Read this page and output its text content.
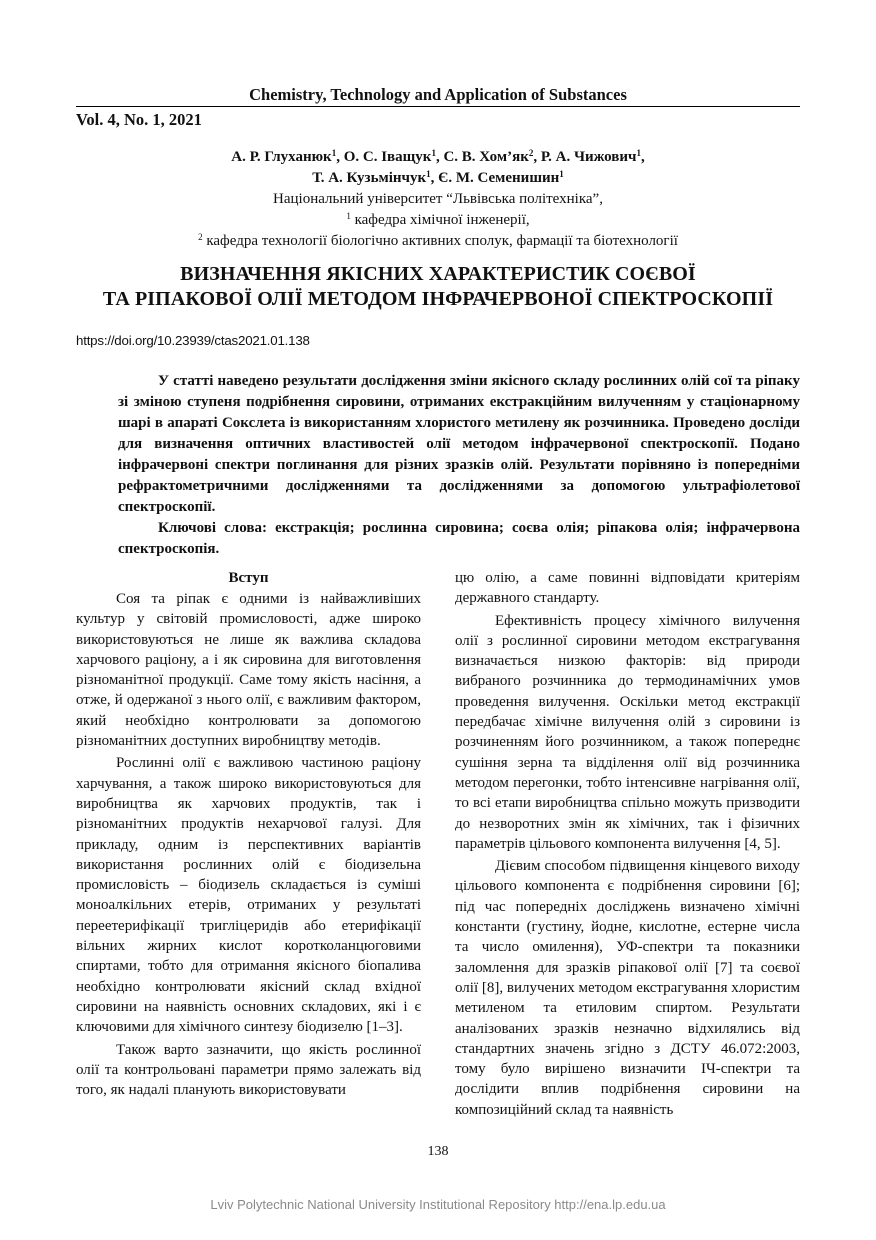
Chemistry, Technology and Application of Substances
Vol. 4, No. 1, 2021
А. Р. Глуханюк$^1$, О. С. Іващук$^1$, С. В. $Хом’як^2$, Р. А. Чижович$^1$,
Т. А. Кузьмінчук$^1$, Є. М. Семенишин$^1$
Національний університет “Львівська політехніка”,
$^1$ кафедра хімічної інженерії,
$^2$ кафедра технології біологічно активних сполук, фармації та біотехнології
ВИЗНАЧЕННЯ ЯКІСНИХ ХАРАКТЕРИСТИК СОЄВОЇ
ТА РІПАКОВОЇ ОЛІЇ МЕТОДОМ ІНФРАЧЕРВОНОЇ СПЕКТРОСКОПІЇ
https://doi.org/10.23939/ctas2021.01.138

У статті наведено результати дослідження зміни якісного складу рослинних олій сої та ріпаку зі зміною ступеня подрібнення сировини, отриманих екстракційним вилученням у стаціонарному шарі в апараті Сокслета із використанням хлористого метилену як розчинника. Проведено досліди для визначення оптичних властивостей олії методом інфрачервоної спектроскопії. Подано інфрачервоні спектри поглинання для різних зразків олій. Результати порівняно із попередніми рефрактометричними дослідженнями та дослідженнями за допомогою ультрафіолетової спектроскопії.

Ключові слова: екстракція; рослинна сировина; соєва олія; ріпакова олія; інфрачервона спектроскопія.

Вступ

Соя та ріпак є одними із найважливіших культур у світовій промисловості, адже широко використовуються не лише як важлива складова харчового раціону, а і як сировина для виготовлення різноманітної продукції. Саме тому якість насіння, а отже, й одержаної з нього олії, є важливим фактором, який необхідно контролювати за допомогою різноманітних доступних виробництву методів.

Рослинні олії є важливою частиною раціону харчування, а також широко використовуються для виробництва як харчових продуктів, так і різноманітних продуктів нехарчової галузі. Для прикладу, одним із перспективних варіантів використання рослинних олій є біодизельна промисловість – біодизель складається із суміші моноалкільних етерів, отриманих у результаті переетерифікації тригліцеридів або етерифікації вільних жирних кислот коротколанцюговими спиртами, тобто для отримання якісного біопалива необхідно контролювати якісний склад вхідної сировини на наявність основних складових, які і є ключовими для хімічного синтезу біодизелю [1–3].

Також варто зазначити, що якість рослинної олії та контрольовані параметри прямо залежать від того, як надалі планують використовувати

цю олію, а саме повинні відповідати критеріям державного стандарту.

Ефективність процесу хімічного вилучення олії з рослинної сировини методом екстрагування визначається низкою факторів: від природи вибраного розчинника до термодинамічних умов проведення вилучення. Оскільки метод екстракції передбачає хімічне вилучення олій з сировини із розчиненням його розчинником, а також попереднє сушіння зерна та відділення олії від розчинника методом перегонки, тобто інтенсивне нагрівання олії, то всі етапи виробництва спільно можуть призводити до незворотних змін як хімічних, так і фізичних параметрів цільового компонента вилучення [4, 5].

Дієвим способом підвищення кінцевого виходу цільового компонента є подрібнення сировини [6]; під час попередніх досліджень визначено хімічні константи (густину, йодне, кислотне, естерне числа та число омилення), УФ-спектри та показники заломлення для зразків ріпакової олії [7] та соєвої олії [8], вилучених методом екстрагування хлористим метиленом та етиловим спиртом. Результати аналізованих зразків незначно відхилялись від стандартних значень згідно з ДСТУ 46.072:2003, тому було вирішено визначити ІЧ-спектри та дослідити вплив подрібнення сировини на композиційний склад та наявність

138
Lviv Polytechnic National University Institutional Repository http://ena.lp.edu.ua
